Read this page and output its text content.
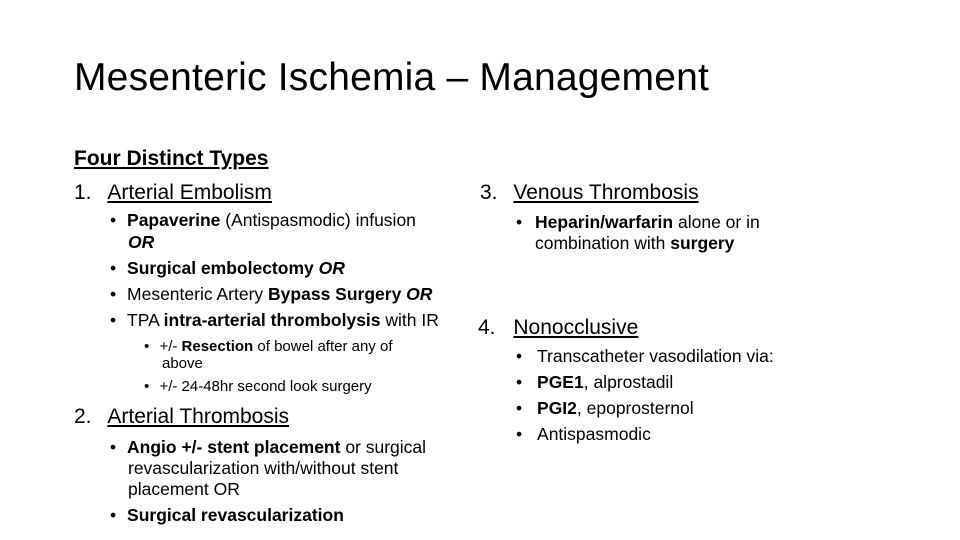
Mesenteric Ischemia – Management
Four Distinct Types
1. Arterial Embolism	3. Venous Thrombosis
• Papaverine (Antispasmodic) infusion
OR
• Surgical embolectomy OR
• Mesenteric Artery Bypass Surgery OR
• TPA intra-arterial thrombolysis with IR 4. Nonocclusive
• +/- Resection of bowel after any of
above
• +/- 24-48hr second look surgery
2. Arterial Thrombosis
• Angio +/- stent placement or surgical
revascularization with/without stent
placement OR
• Surgical revascularization
• Heparin/warfarin alone or in
combination with surgery
• Transcatheter vasodilation via:
• PGE1, alprostadil
• PGI2, epoprosternol
• Antispasmodic
